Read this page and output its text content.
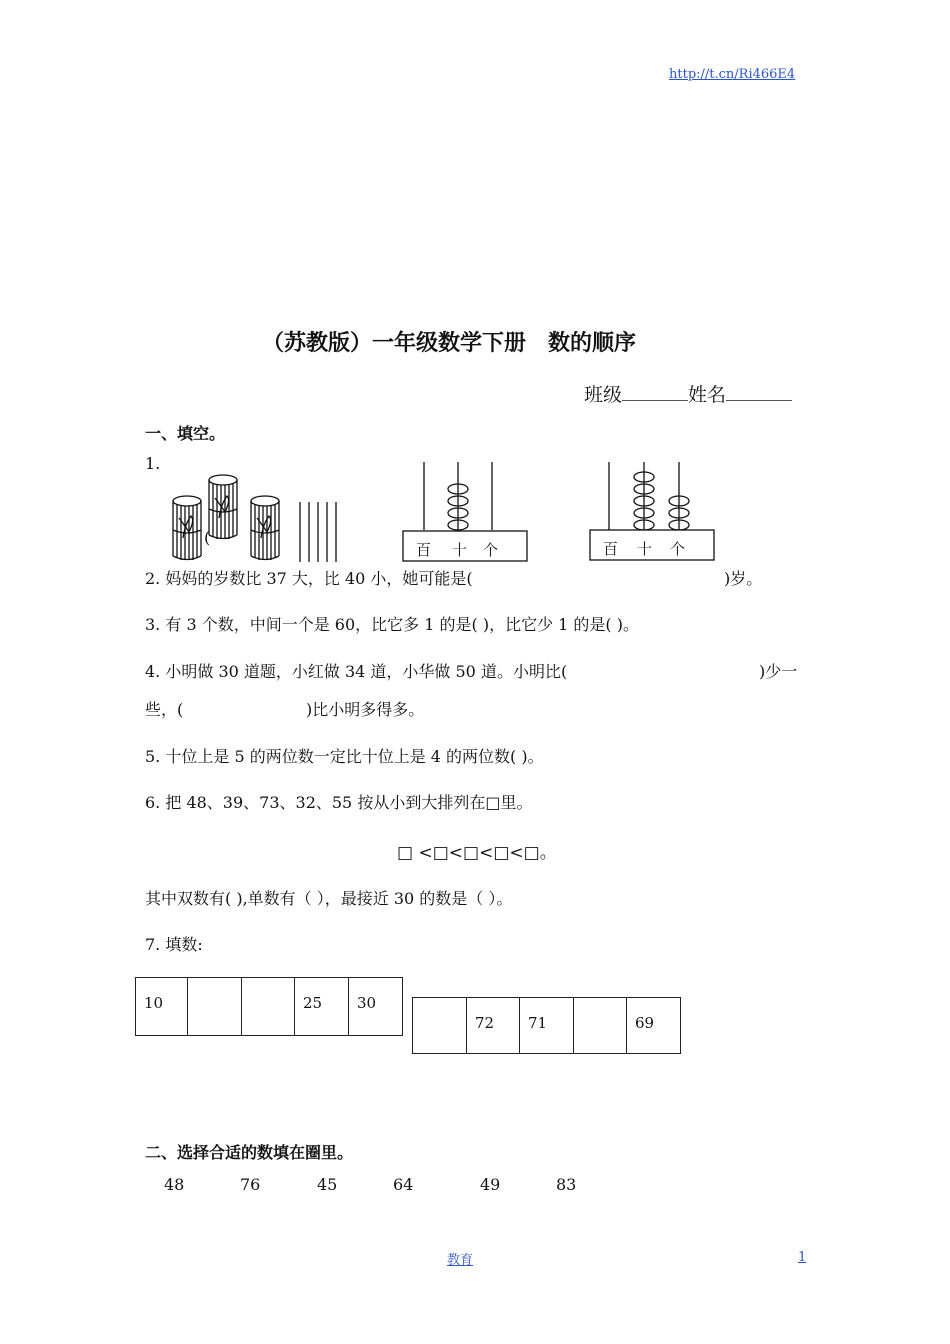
http://t.cn/Ri466E4
（苏教版）一年级数学下册　数的顺序
班级	姓名
一、填空。
1.
(
百 十 个	百 十 个
2. 妈妈的岁数比 37 大，比 40 小，她可能是(	)岁。
3. 有 3 个数，中间一个是 60，比它多 1 的是( )，比它少 1 的是( )。
4. 小明做 30 道题，小红做 34 道，小华做 50 道。小明比(	)少一
些，(	)比小明多得多。
5. 十位上是 5 的两位数一定比十位上是 4 的两位数( )。
6. 把 48、39、73、32、55 按从小到大排列在□里。
□ <□<□<□<□。
其中双数有( ),单数有（ ），最接近 30 的数是（ ）。
7. 填数:
10			25	30
	72	71		69
二、选择合适的数填在圈里。
48	76	45	64	49	83
教育	1
